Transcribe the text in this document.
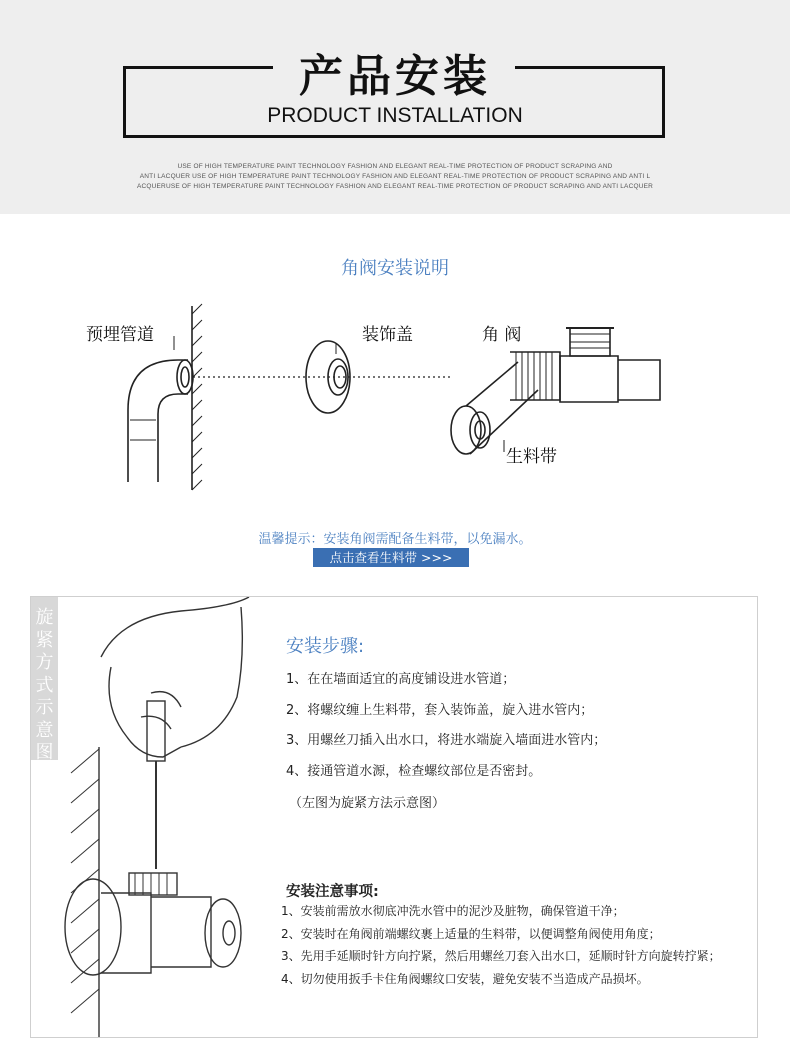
产品安装
PRODUCT INSTALLATION
USE OF HIGH TEMPERATURE PAINT TECHNOLOGY FASHION AND ELEGANT REAL-TIME PROTECTION OF PRODUCT SCRAPING AND
ANTI LACQUER USE OF HIGH TEMPERATURE PAINT TECHNOLOGY FASHION AND ELEGANT REAL-TIME PROTECTION OF PRODUCT SCRAPING AND ANTI L
ACQUERUSE OF HIGH TEMPERATURE PAINT TECHNOLOGY FASHION AND ELEGANT REAL-TIME PROTECTION OF PRODUCT SCRAPING AND ANTI LACQUER
角阀安装说明
预埋管道	装饰盖	角 阀
生料带
温馨提示：安装角阀需配备生料带，以免漏水。
点击查看生料带 >>>
旋紧方式示意图
安装步骤:
1、在在墙面适宜的高度铺设进水管道；
2、将螺纹缠上生料带，套入装饰盖，旋入进水管内；
3、用螺丝刀插入出水口，将进水端旋入墙面进水管内；
4、接通管道水源，检查螺纹部位是否密封。
（左图为旋紧方法示意图）
安装注意事项:
1、安装前需放水彻底冲洗水管中的泥沙及脏物，确保管道干净；
2、安装时在角阀前端螺纹裹上适量的生料带，以便调整角阀使用角度；
3、先用手延顺时针方向拧紧，然后用螺丝刀套入出水口，延顺时针方向旋转拧紧；
4、切勿使用扳手卡住角阀螺纹口安装，避免安装不当造成产品损坏。
